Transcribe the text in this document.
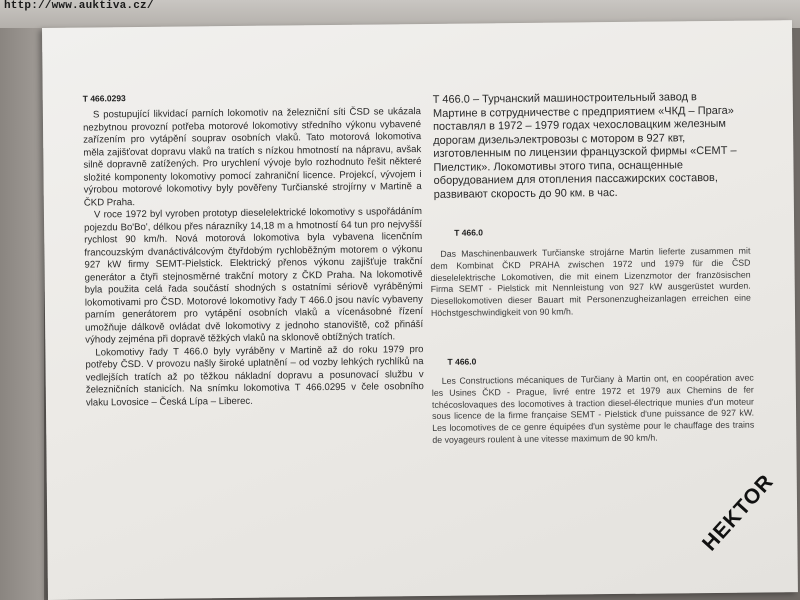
http://www.auktiva.cz/
T 466.0293

S postupující likvidací parních lokomotiv na železniční síti ČSD se ukázala nezbytnou provozní potřeba motorové lokomotivy středního výkonu vybavené zařízením pro vytápění souprav osobních vlaků. Tato motorová lokomotiva měla zajišťovat dopravu vlaků na tratích s nízkou hmotností na nápravu, avšak silně dopravně zatížených. Pro urychlení vývoje bylo rozhodnuto řešit některé složité komponenty lokomotivy pomocí zahraniční licence. Projekcí, vývojem i výrobou motorové lokomotivy byly pověřeny Turčianské strojírny v Martině a ČKD Praha.

V roce 1972 byl vyroben prototyp dieselelektrické lokomotivy s uspořádáním pojezdu Bo'Bo', délkou přes nárazníky 14,18 m a hmotností 64 tun pro nejvyšší rychlost 90 km/h. Nová motorová lokomotiva byla vybavena licenčním francouzským dvanáctiválcovým čtyřdobým rychloběžným motorem o výkonu 927 kW firmy SEMT-Pielstick. Elektrický přenos výkonu zajišťuje trakční generátor a čtyři stejnosměrné trakční motory z ČKD Praha. Na lokomotivě byla použita celá řada součástí shodných s ostatními sériově vyráběnými lokomotivami pro ČSD. Motorové lokomotivy řady T 466.0 jsou navíc vybaveny parním generátorem pro vytápění osobních vlaků a vícenásobné řízení umožňuje dálkově ovládat dvě lokomotivy z jednoho stanoviště, což přináší výhody zejména při dopravě těžkých vlaků na sklonově obtížných tratích.

Lokomotivy řady T 466.0 byly vyráběny v Martině až do roku 1979 pro potřeby ČSD. V provozu našly široké uplatnění – od vozby lehkých rychlíků na vedlejších tratích až po těžkou nákladní dopravu a posunovací službu v železničních stanicích. Na snímku lokomotiva T 466.0295 v čele osobního vlaku Lovosice – Česká Lípa – Liberec.

T 466.0 – Турчанский машиностроительный завод в Мартине в сотрудничестве с предприятием «ЧКД – Прага» поставлял в 1972 – 1979 годах чехословацким железным дорогам дизельэлектровозы с мотором в 927 квт, изготовленным по лицензии французской фирмы «СЕМТ – Пиелстик». Локомотивы этого типа, оснащенные оборудованием для отопления пассажирских составов, развивают скорость до 90 км. в час.
T 466.0
Das Maschinenbauwerk Turčianske strojárne Martin lieferte zusammen mit dem Kombinat ČKD PRAHA zwischen 1972 und 1979 für die ČSD dieselelektrische Lokomotiven, die mit einem Lizenzmotor der französischen Firma SEMT - Pielstick mit Nennleistung von 927 kW ausgerüstet wurden. Diesellokomotiven dieser Bauart mit Personenzugheizanlagen erreichen eine Höchstgeschwindigkeit von 90 km/h.
T 466.0
Les Constructions mécaniques de Turčiany à Martin ont, en coopération avec les Usines ČKD - Prague, livré entre 1972 et 1979 aux Chemins de fer tchécoslovaques des locomotives à traction diesel-électrique munies d'un moteur sous licence de la firme française SEMT - Pielstick d'une puissance de 927 kW. Les locomotives de ce genre équipées d'un système pour le chauffage des trains de voyageurs roulent à une vitesse maximum de 90 km/h.
HEKTOR
